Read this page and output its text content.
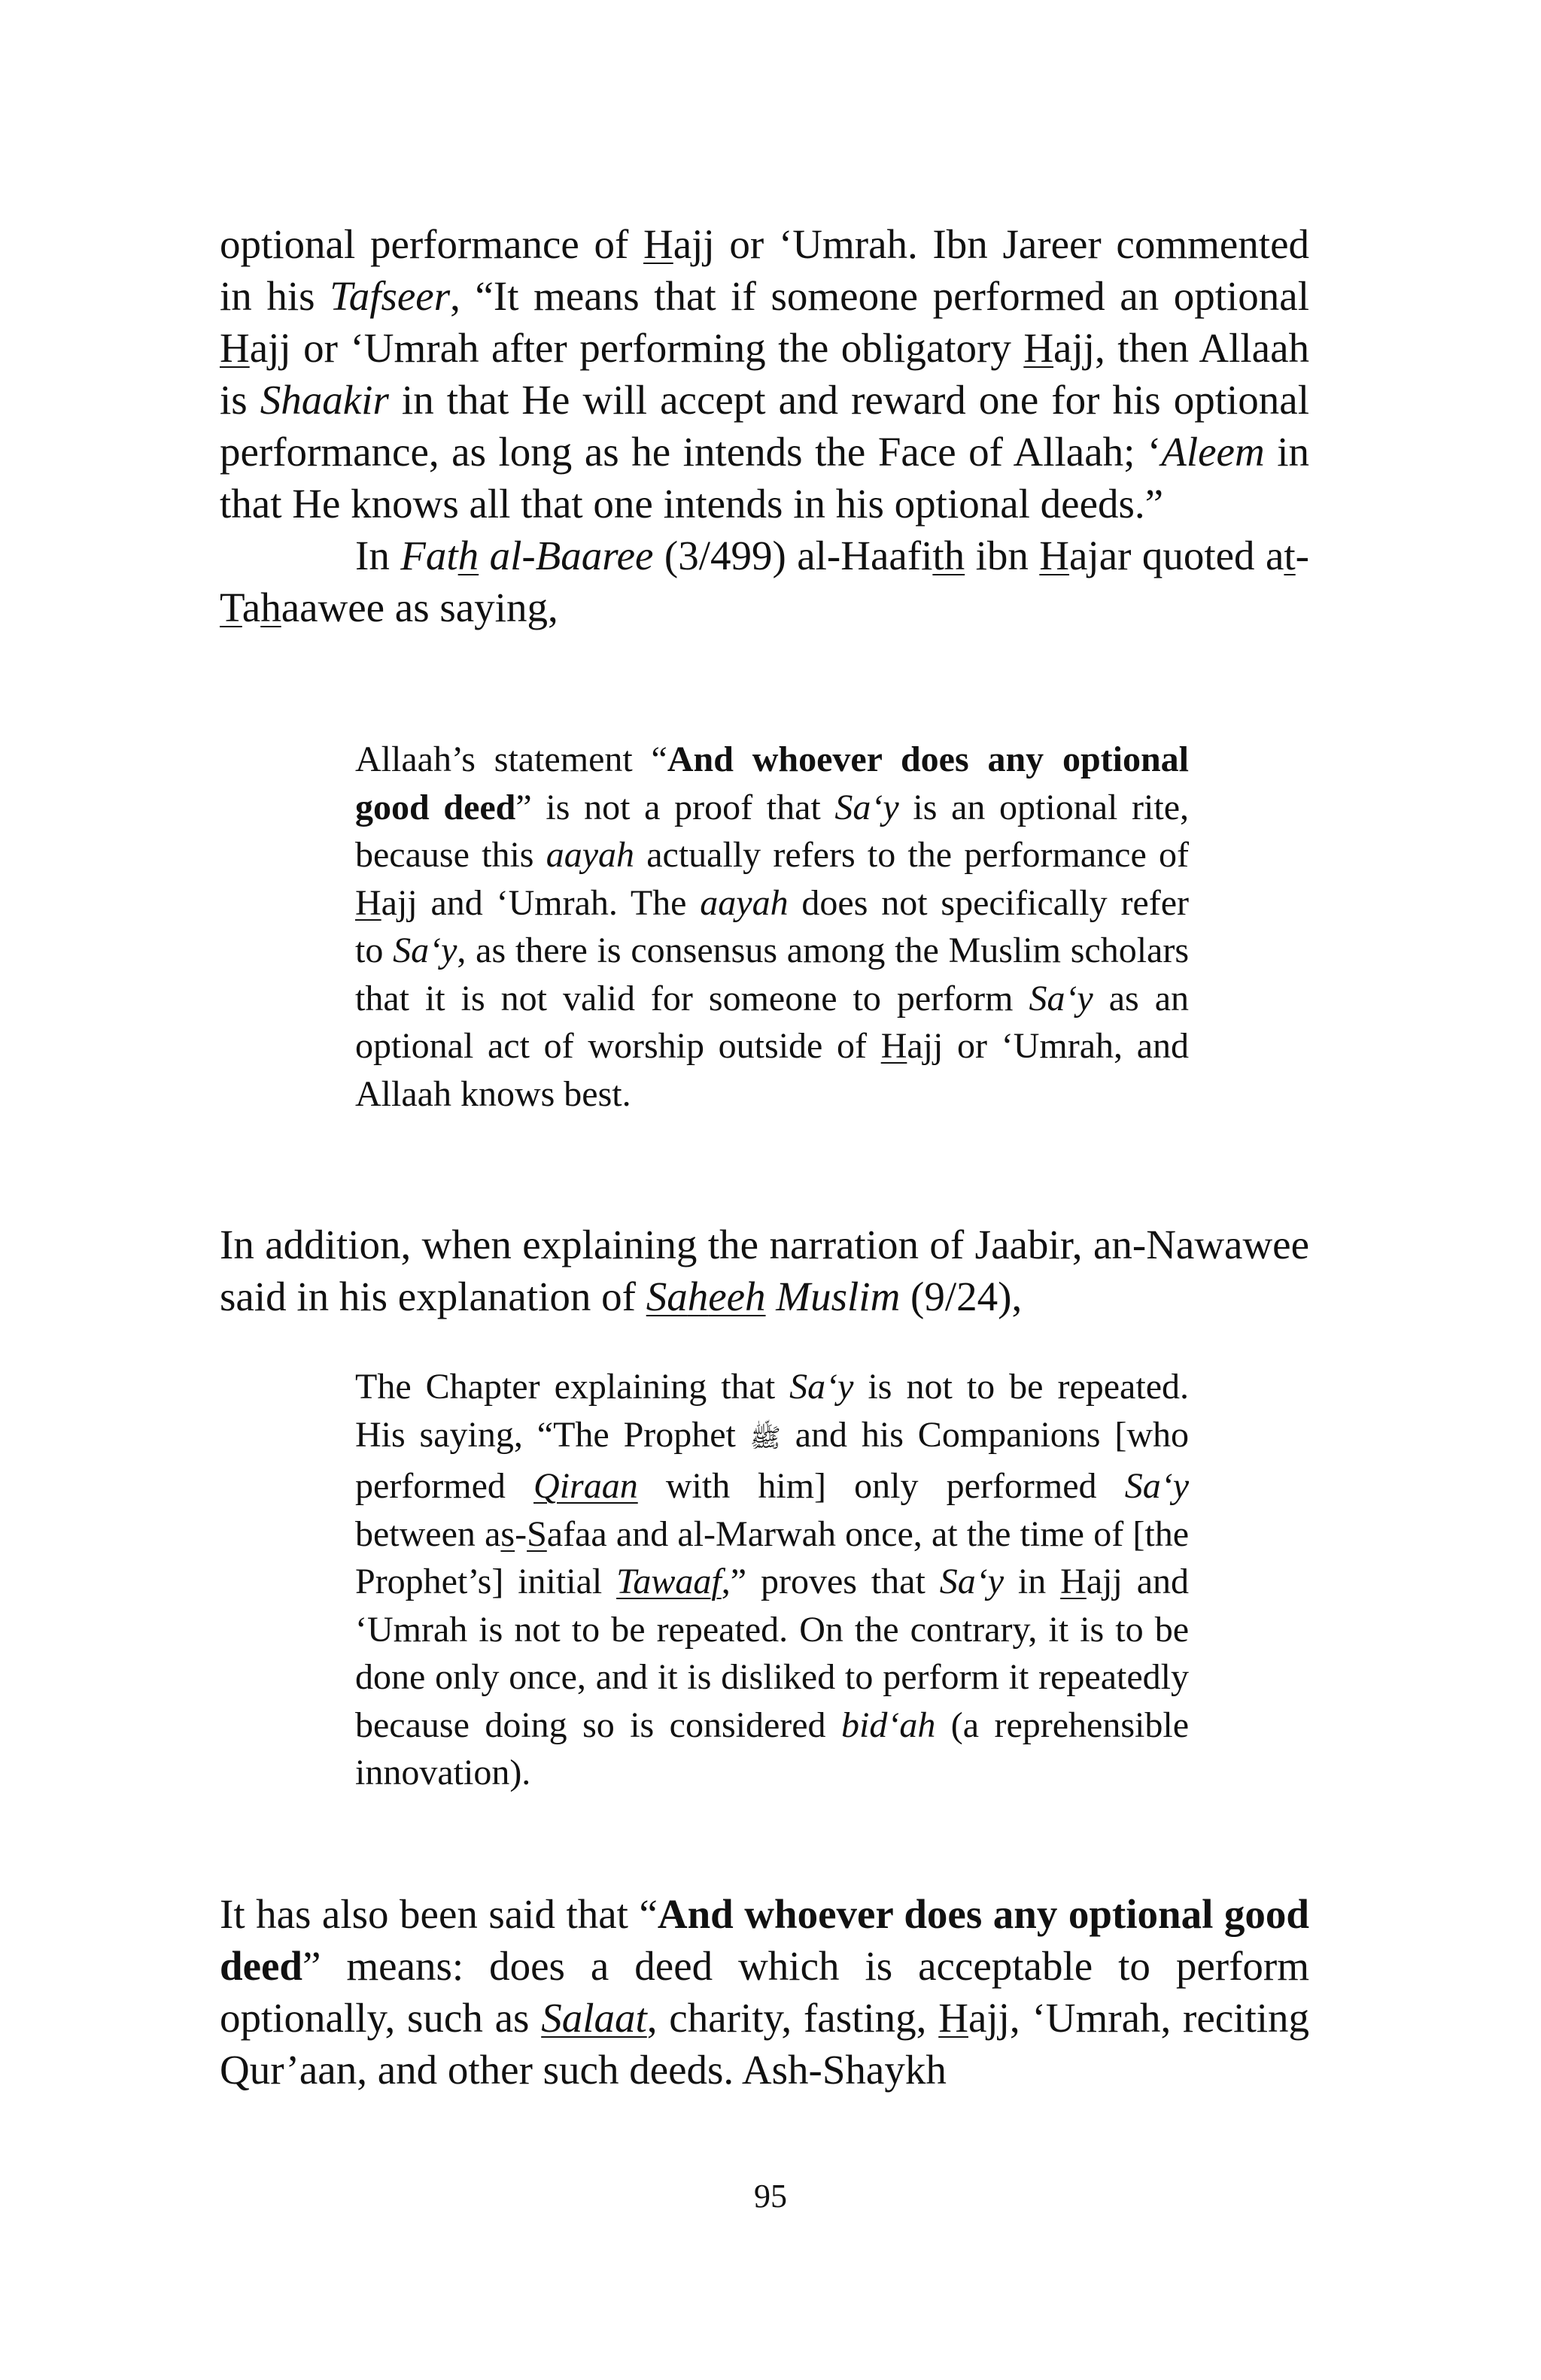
optional performance of Hajj or ‘Umrah. Ibn Jareer commented in his Tafseer, “It means that if someone performed an optional Hajj or ‘Umrah after performing the obligatory Hajj, then Allaah is Shaakir in that He will accept and reward one for his optional performance, as long as he intends the Face of Allaah; ‘Aleem in that He knows all that one intends in his optional deeds.”

In Fath al-Baaree (3/499) al-Haafith ibn Hajar quoted at-Tahaawee as saying,

Allaah’s statement “And whoever does any optional good deed” is not a proof that Sa‘y is an optional rite, because this aayah actually refers to the performance of Hajj and ‘Umrah. The aayah does not specifically refer to Sa‘y, as there is consensus among the Muslim scholars that it is not valid for someone to perform Sa‘y as an optional act of worship outside of Hajj or ‘Umrah, and Allaah knows best.

In addition, when explaining the narration of Jaabir, an-Nawawee said in his explanation of Saheeh Muslim (9/24),

The Chapter explaining that Sa‘y is not to be repeated. His saying, “The Prophet ﷺ and his Companions [who performed Qiraan with him] only performed Sa‘y between as-Safaa and al-Marwah once, at the time of [the Prophet’s] initial Tawaaf,” proves that Sa‘y in Hajj and ‘Umrah is not to be repeated. On the contrary, it is to be done only once, and it is disliked to perform it repeatedly because doing so is considered bid‘ah (a reprehensible innovation).

It has also been said that “And whoever does any optional good deed” means: does a deed which is acceptable to perform optionally, such as Salaat, charity, fasting, Hajj, ‘Umrah, reciting Qur’aan, and other such deeds. Ash-Shaykh

95
